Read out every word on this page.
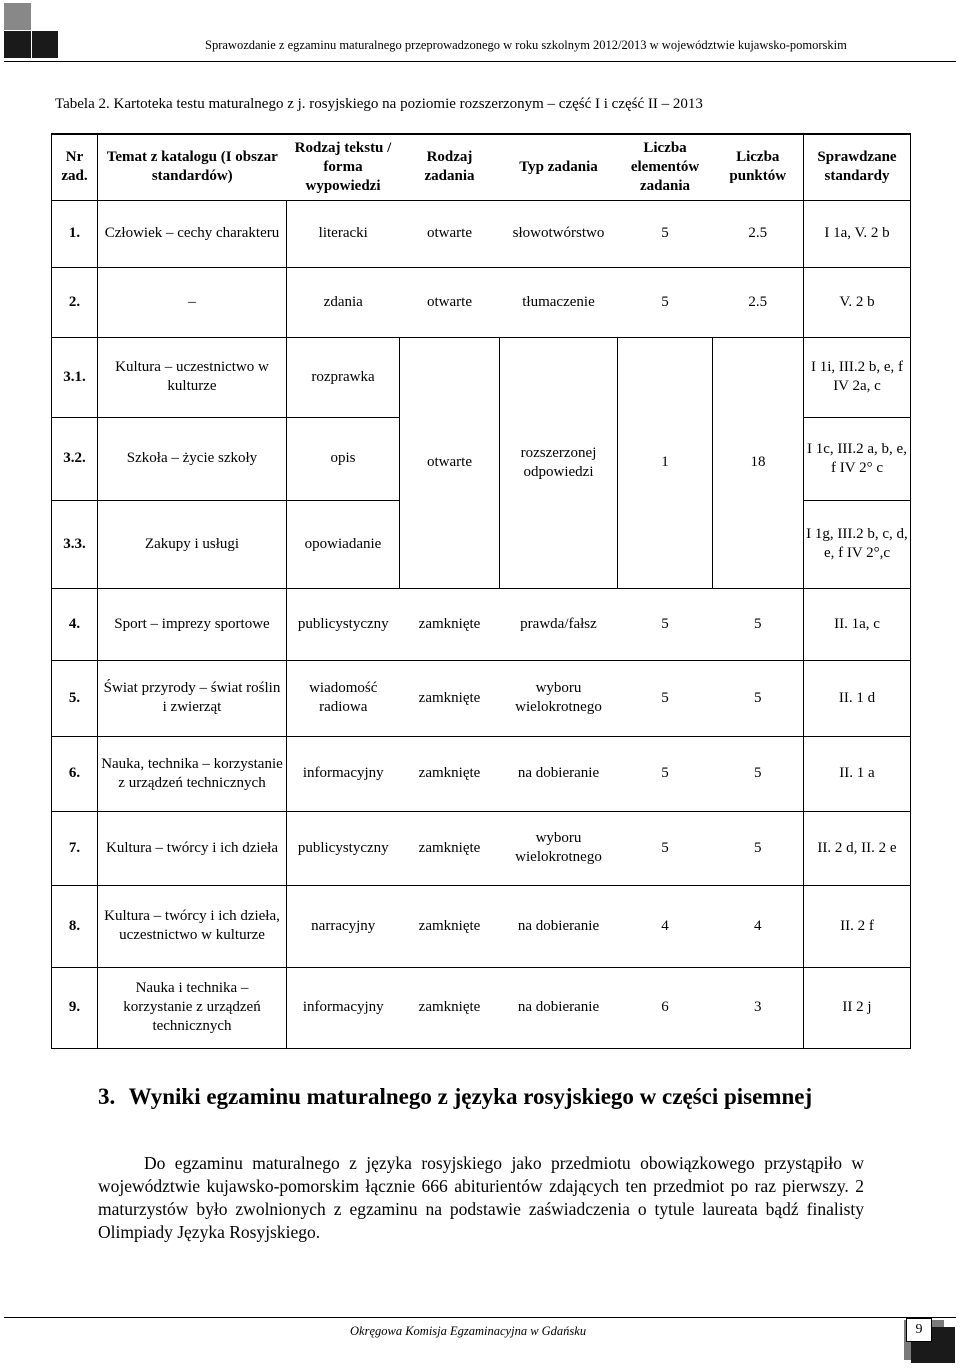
Sprawozdanie z egzaminu maturalnego przeprowadzonego w roku szkolnym 2012/2013 w województwie kujawsko-pomorskim
Tabela 2. Kartoteka testu maturalnego z j. rosyjskiego na poziomie rozszerzonym – część I i część II – 2013
Nr zad.	Temat z katalogu (I obszar standardów)	Rodzaj tekstu / forma wypowiedzi	Rodzaj zadania	Typ zadania	Liczba elementów zadania	Liczba punktów	Sprawdzane standardy
1.	Człowiek – cechy charakteru	literacki	otwarte	słowotwórstwo	5	2.5	I 1a, V. 2 b
2.	–	zdania	otwarte	tłumaczenie	5	2.5	V. 2 b
3.1.	Kultura – uczestnictwo w kulturze	rozprawka	otwarte	rozszerzonej odpowiedzi	1	18	I 1i, III.2 b, e, f IV 2a, c
3.2.	Szkoła – życie szkoły	opis					I 1c, III.2 a, b, e, f IV 2° c
3.3.	Zakupy i usługi	opowiadanie					I 1g, III.2 b, c, d, e, f IV 2°,c
4.	Sport – imprezy sportowe	publicystyczny	zamknięte	prawda/fałsz	5	5	II. 1a, c
5.	Świat przyrody – świat roślin i zwierząt	wiadomość radiowa	zamknięte	wyboru wielokrotnego	5	5	II. 1 d
6.	Nauka, technika – korzystanie z urządzeń technicznych	informacyjny	zamknięte	na dobieranie	5	5	II. 1 a
7.	Kultura – twórcy i ich dzieła	publicystyczny	zamknięte	wyboru wielokrotnego	5	5	II. 2 d, II. 2 e
8.	Kultura – twórcy i ich dzieła, uczestnictwo w kulturze	narracyjny	zamknięte	na dobieranie	4	4	II. 2 f
9.	Nauka i technika – korzystanie z urządzeń technicznych	informacyjny	zamknięte	na dobieranie	6	3	II 2 j
3. Wyniki egzaminu maturalnego z języka rosyjskiego w części pisemnej
Do egzaminu maturalnego z języka rosyjskiego jako przedmiotu obowiązkowego przystąpiło w województwie kujawsko-pomorskim łącznie 666 abiturientów zdających ten przedmiot po raz pierwszy. 2 maturzystów było zwolnionych z egzaminu na podstawie zaświadczenia o tytule laureata bądź finalisty Olimpiady Języka Rosyjskiego.
Okręgowa Komisja Egzaminacyjna w Gdańsku	9
